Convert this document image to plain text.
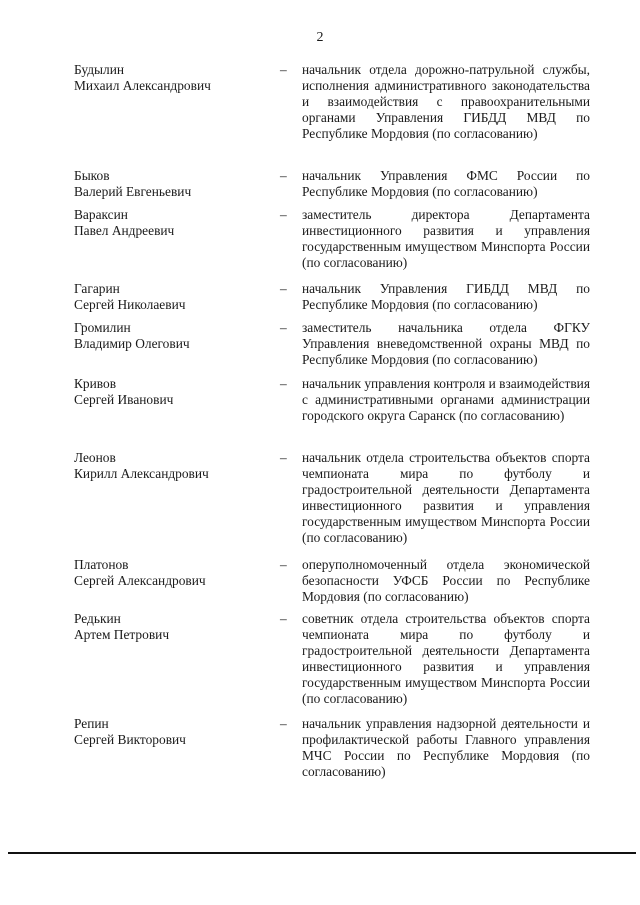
2
Будылин
Михаил Александрович
– начальник отдела дорожно-патрульной службы, исполнения административного законодательства и взаимодействия с правоохранительными органами Управления ГИБДД МВД по Республике Мордовия (по согласованию)
Быков
Валерий Евгеньевич
– начальник Управления ФМС России по Республике Мордовия (по согласованию)
Вараксин
Павел Андреевич
– заместитель директора Департамента инвестиционного развития и управления государственным имуществом Минспорта России (по согласованию)
Гагарин
Сергей Николаевич
– начальник Управления ГИБДД МВД по Республике Мордовия (по согласованию)
Громилин
Владимир Олегович
– заместитель начальника отдела ФГКУ Управления вневедомственной охраны МВД по Республике Мордовия (по согласованию)
Кривов
Сергей Иванович
– начальник управления контроля и взаимодействия с административными органами администрации городского округа Саранск (по согласованию)
Леонов
Кирилл Александрович
– начальник отдела строительства объектов спорта чемпионата мира по футболу и градостроительной деятельности Департамента инвестиционного развития и управления государственным имуществом Минспорта России (по согласованию)
Платонов
Сергей Александрович
– оперуполномоченный отдела экономической безопасности УФСБ России по Республике Мордовия (по согласованию)
Редькин
Артем Петрович
– советник отдела строительства объектов спорта чемпионата мира по футболу и градостроительной деятельности Департамента инвестиционного развития и управления государственным имуществом Минспорта России (по согласованию)
Репин
Сергей Викторович
– начальник управления надзорной деятельности и профилактической работы Главного управления МЧС России по Республике Мордовия (по согласованию)
